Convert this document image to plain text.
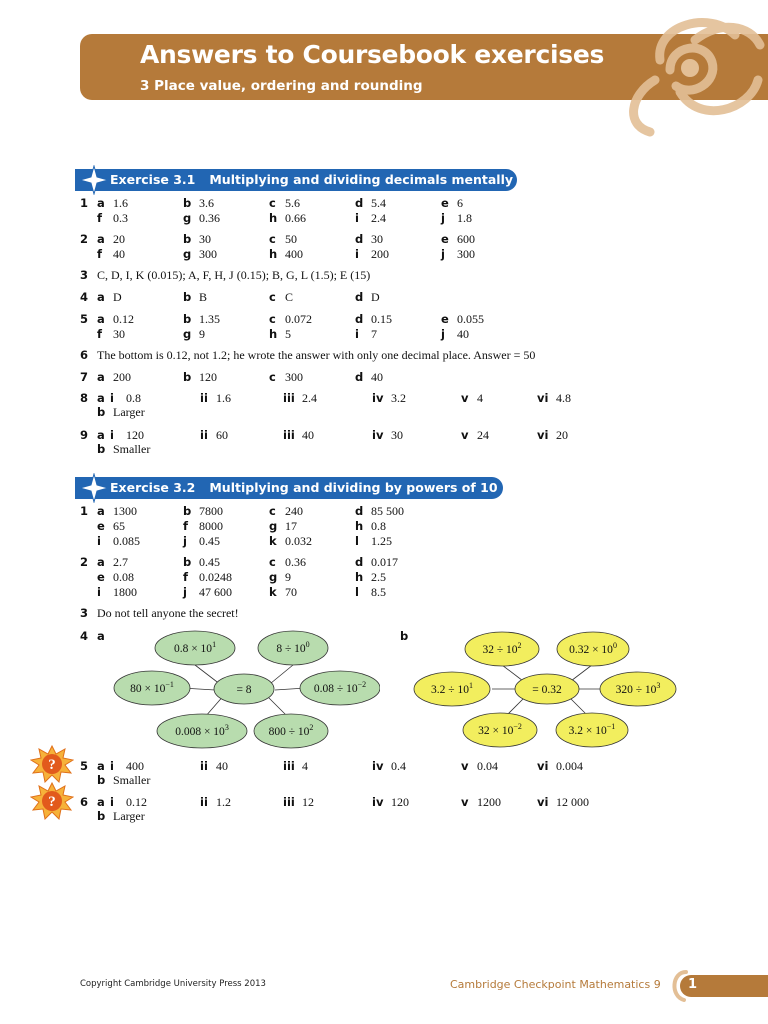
Answers to Coursebook exercises
3 Place value, ordering and rounding
Exercise 3.1 Multiplying and dividing decimals mentally
1 a 1.6	b 3.6	c 5.6	d 5.4	e 6
f 0.3	g 0.36	h 0.66	i 2.4	j 1.8
2 a 20	b 30	c 50	d 30	e 600
f 40	g 300	h 400	i 200	j 300
3 C, D, I, K (0.015); A, F, H, J (0.15); B, G, L (1.5); E (15)
4 a D	b B	c C	d D
5 a 0.12	b 1.35	c 0.072	d 0.15	e 0.055
f 30	g 9	h 5	i 7	j 40
6 The bottom is 0.12, not 1.2; he wrote the answer with only one decimal place. Answer = 50
7 a 200	b 120	c 300	d 40
8 a i 0.8	ii 1.6	iii 2.4	iv 3.2	v 4	vi 4.8
b Larger
9 a i 120	ii 60	iii 40	iv 30	v 24	vi 20
b Smaller
Exercise 3.2 Multiplying and dividing by powers of 10
1 a 1300	b 7800	c 240	d 85 500
e 65	f 8000	g 17	h 0.8
i 0.085	j 0.45	k 0.032	l 1.25
2 a 2.7	b 0.45	c 0.36	d 0.017
e 0.08	f 0.0248	g 9	h 2.5
i 1800	j 47 600	k 70	l 8.5
3 Do not tell anyone the secret!
4 a	b
$0.8 \times 10^1$	$8 \div 10^0$
$80 \times 10^{-1}$	= 8	$0.08 \div 10^{-2}$
$0.008 \times 10^3$	$800 \div 10^2$
$32 \div 10^2$	$0.32 \times 10^0$
$3.2 \div 10^1$	= 0.32	$320 \div 10^3$
$32 \times 10^{-2}$	$3.2 \times 10^{-1}$
?
?
5 a i 400	ii 40	iii 4	iv 0.4	v 0.04	vi 0.004
b Smaller
6 a i 0.12	ii 1.2	iii 12	iv 120	v 1200	vi 12 000
b Larger
Copyright Cambridge University Press 2013	Cambridge Checkpoint Mathematics 9 1
